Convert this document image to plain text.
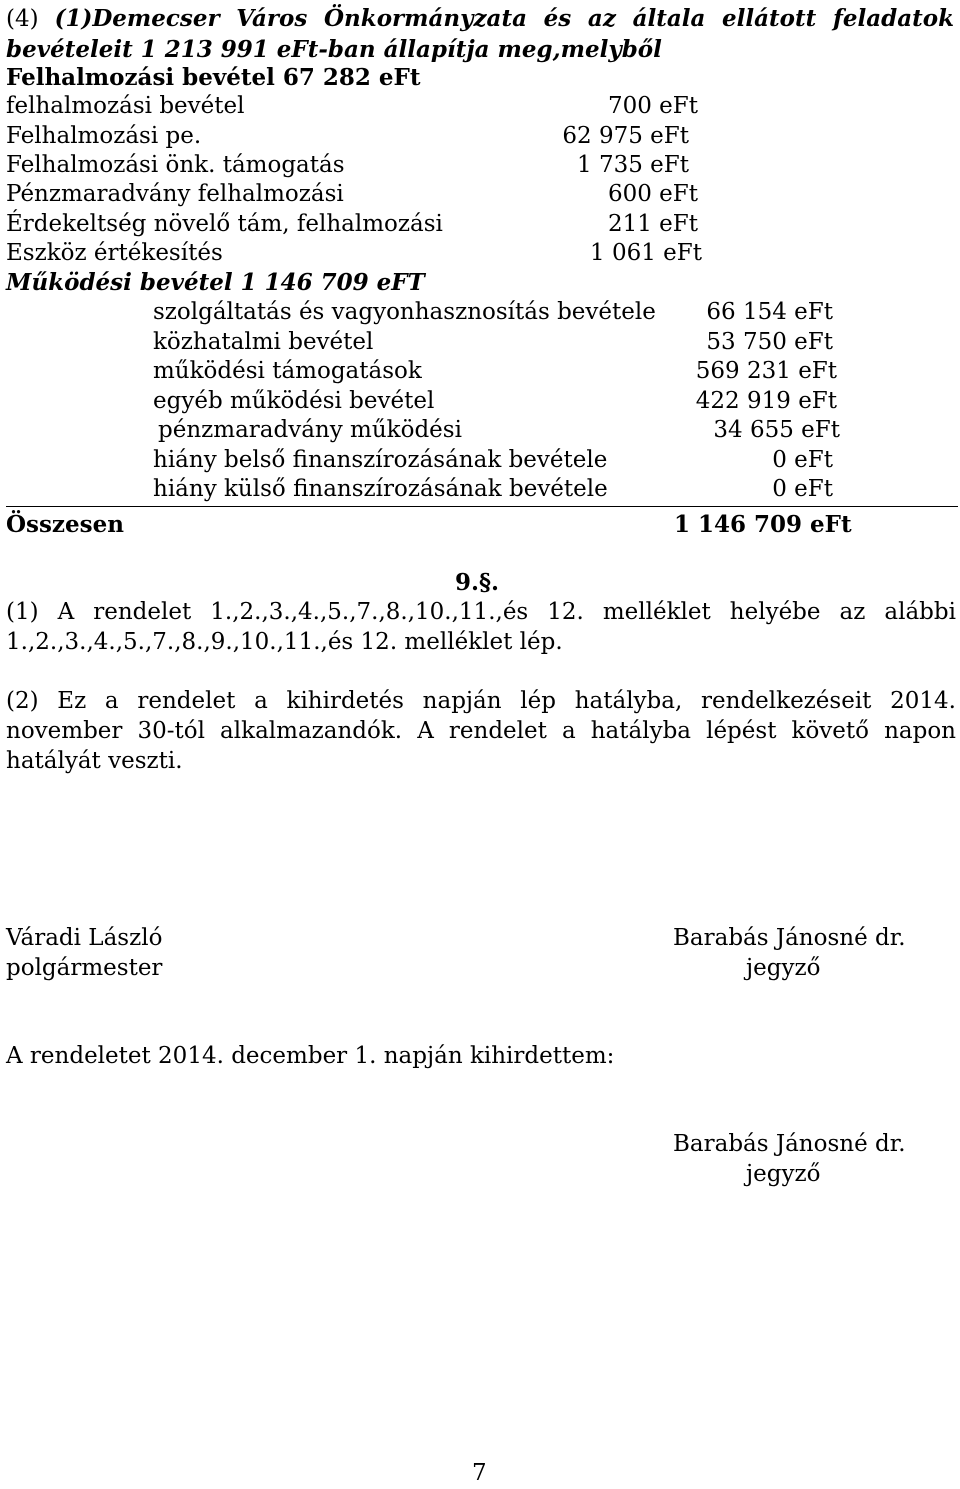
(4) (1)Demecser Város Önkormányzata és az általa ellátott feladatok bevételeit 1 213 991 eFt-ban állapítja meg,melyből
Felhalmozási bevétel 67 282 eFt
felhalmozási bevétel	700 eFt
Felhalmozási pe.	62 975 eFt
Felhalmozási önk. támogatás	1 735 eFt
Pénzmaradvány felhalmozási	600 eFt
Érdekeltség növelő tám, felhalmozási	211 eFt
Eszköz értékesítés	1 061 eFt
Működési bevétel 1 146 709 eFT
szolgáltatás és vagyonhasznosítás bevétele 66 154 eFt
közhatalmi bevétel	53 750 eFt
működési támogatások	569 231 eFt
egyéb működési bevétel	422 919 eFt
pénzmaradvány működési	34 655 eFt
hiány belső finanszírozásának bevétele	0 eFt
hiány külső finanszírozásának bevétele	0 eFt
Összesen	1 146 709 eFt
9.§.
(1) A rendelet 1.,2.,3.,4.,5.,7.,8.,10.,11.,és 12. melléklet helyébe az alábbi 1.,2.,3.,4.,5.,7.,8.,9.,10.,11.,és 12. melléklet lép.
(2) Ez a rendelet a kihirdetés napján lép hatályba, rendelkezéseit 2014. november 30-tól alkalmazandók. A rendelet a hatályba lépést követő napon hatályát veszti.
Váradi László
polgármester
Barabás Jánosné dr.
jegyző
A rendeletet 2014. december 1. napján kihirdettem:
Barabás Jánosné dr.
jegyző
7
